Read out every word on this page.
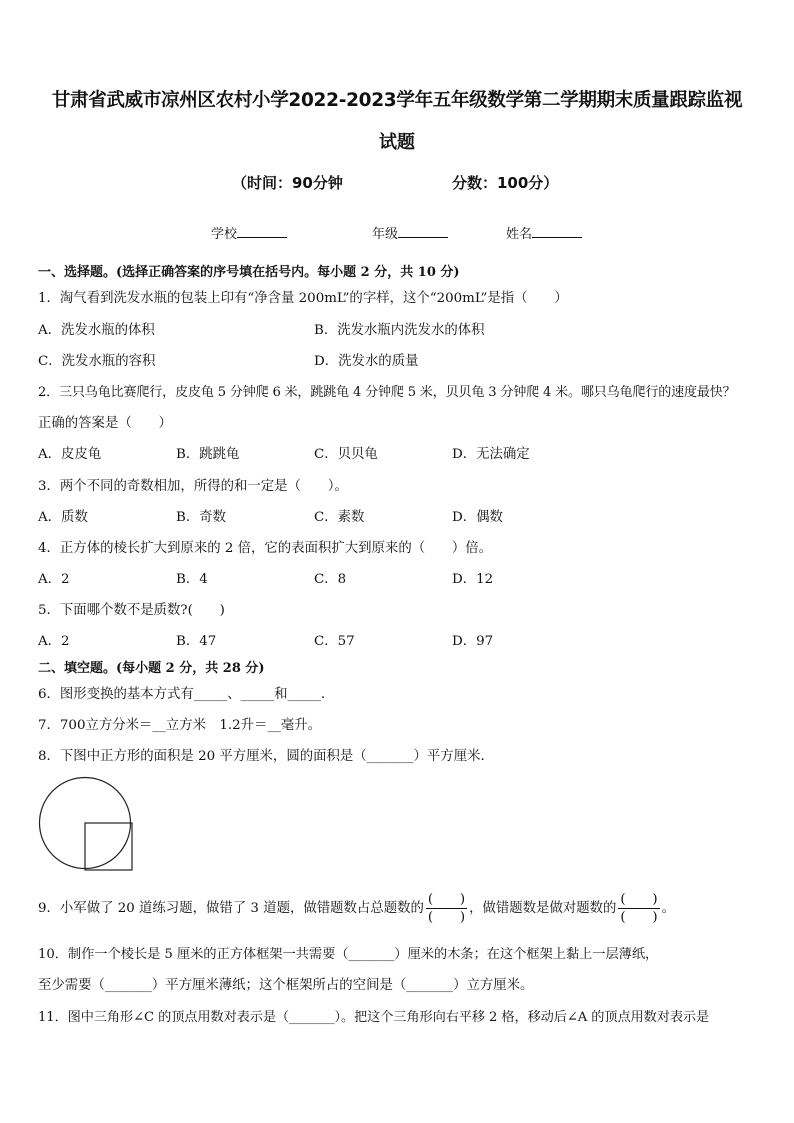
甘肃省武威市凉州区农村小学2022-2023学年五年级数学第二学期期末质量跟踪监视
试题
（时间：90分钟	分数：100分）
学校	年级	姓名
一、选择题。(选择正确答案的序号填在括号内。每小题 2 分，共 10 分)
1．淘气看到洗发水瓶的包装上印有“净含量 200mL”的字样，这个“200mL”是指（　　）
A．洗发水瓶的体积	B．洗发水瓶内洗发水的体积
C．洗发水瓶的容积	D．洗发水的质量
2．三只乌龟比赛爬行，皮皮龟 5 分钟爬 6 米，跳跳龟 4 分钟爬 5 米，贝贝龟 3 分钟爬 4 米。哪只乌龟爬行的速度最快？
正确的答案是（　　）
A．皮皮龟	B．跳跳龟	C．贝贝龟	D．无法确定
3．两个不同的奇数相加，所得的和一定是（　　）。
A．质数	B．奇数	C．素数	D．偶数
4．正方体的棱长扩大到原来的 2 倍，它的表面积扩大到原来的（　　）倍。
A．2	B．4	C．8	D．12
5．下面哪个数不是质数?(　　)
A．2	B．47	C．57	D．97
二、填空题。(每小题 2 分，共 28 分)
6．图形变换的基本方式有_____、_____和_____．
7．700立方分米＝__立方米　1.2升＝__毫升。
8．下图中正方形的面积是 20 平方厘米，圆的面积是（_______）平方厘米．
9．小军做了 20 道练习题，做错了 3 道题，做错题数占总题数的 $\frac{( )}{( )}$ ，做错题数是做对题数的 $\frac{( )}{( )}$ 。
10．制作一个棱长是 5 厘米的正方体框架一共需要（_______）厘米的木条；在这个框架上黏上一层薄纸，
至少需要（_______）平方厘米薄纸；这个框架所占的空间是（_______）立方厘米。
11．图中三角形∠C 的顶点用数对表示是（_______）。把这个三角形向右平移 2 格，移动后∠A 的顶点用数对表示是
